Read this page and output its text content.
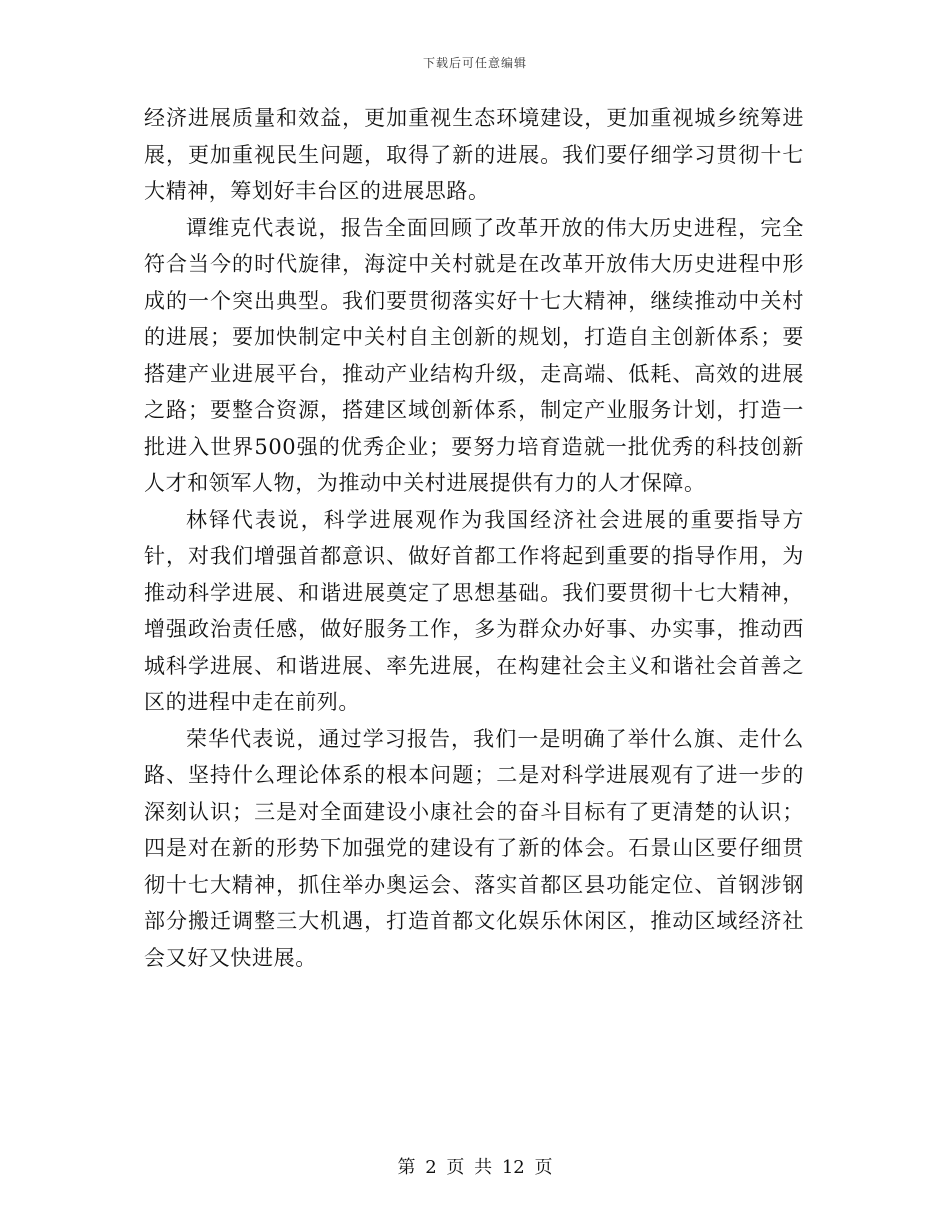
下载后可任意编辑

经济进展质量和效益，更加重视生态环境建设，更加重视城乡统筹进展，更加重视民生问题，取得了新的进展。我们要仔细学习贯彻十七大精神，筹划好丰台区的进展思路。

谭维克代表说，报告全面回顾了改革开放的伟大历史进程，完全符合当今的时代旋律，海淀中关村就是在改革开放伟大历史进程中形成的一个突出典型。我们要贯彻落实好十七大精神，继续推动中关村的进展；要加快制定中关村自主创新的规划，打造自主创新体系；要搭建产业进展平台，推动产业结构升级，走高端、低耗、高效的进展之路；要整合资源，搭建区域创新体系，制定产业服务计划，打造一批进入世界500强的优秀企业；要努力培育造就一批优秀的科技创新人才和领军人物，为推动中关村进展提供有力的人才保障。

林铎代表说，科学进展观作为我国经济社会进展的重要指导方针，对我们增强首都意识、做好首都工作将起到重要的指导作用，为推动科学进展、和谐进展奠定了思想基础。我们要贯彻十七大精神，增强政治责任感，做好服务工作，多为群众办好事、办实事，推动西城科学进展、和谐进展、率先进展，在构建社会主义和谐社会首善之区的进程中走在前列。

荣华代表说，通过学习报告，我们一是明确了举什么旗、走什么路、坚持什么理论体系的根本问题；二是对科学进展观有了进一步的深刻认识；三是对全面建设小康社会的奋斗目标有了更清楚的认识；四是对在新的形势下加强党的建设有了新的体会。石景山区要仔细贯彻十七大精神，抓住举办奥运会、落实首都区县功能定位、首钢涉钢部分搬迁调整三大机遇，打造首都文化娱乐休闲区，推动区域经济社会又好又快进展。

第 2 页 共 12 页
